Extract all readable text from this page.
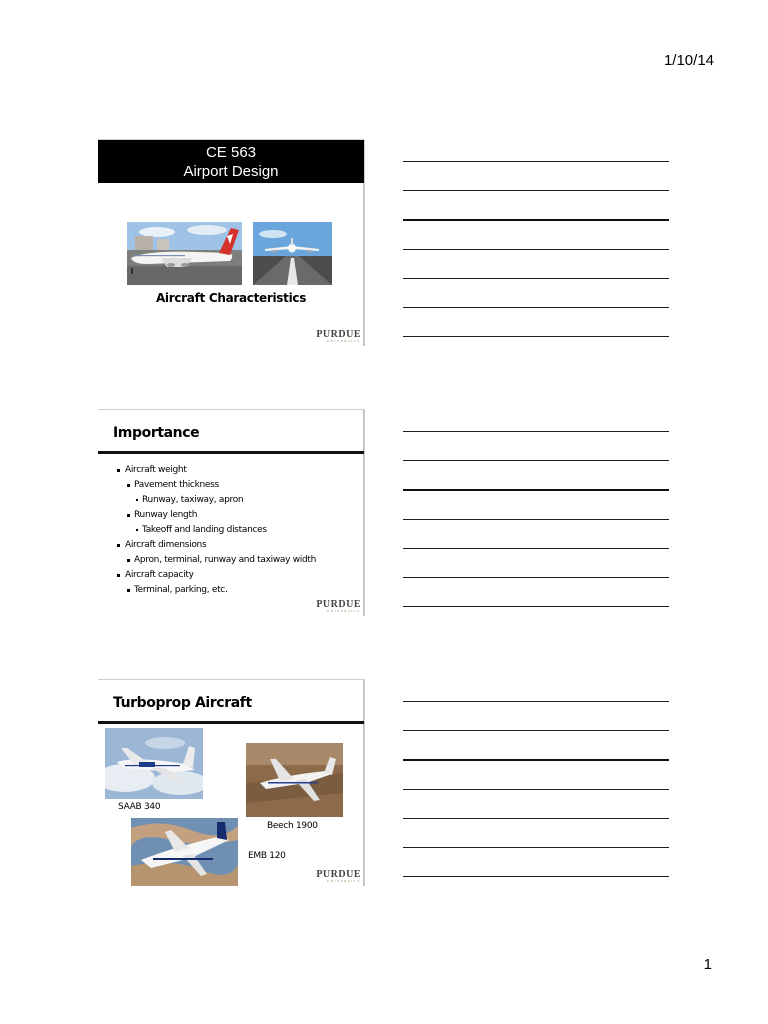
1/10/14
CE 563
Airport Design
Aircraft Characteristics
PURDUE
UNIVERSITY
Importance
Aircraft weight
Pavement thickness
Runway, taxiway, apron
Runway length
Takeoff and landing distances
Aircraft dimensions
Apron, terminal, runway and taxiway width
Aircraft capacity
Terminal, parking, etc.
PURDUE
UNIVERSITY
Turboprop Aircraft
SAAB 340
Beech 1900
EMB 120
PURDUE
UNIVERSITY
1
